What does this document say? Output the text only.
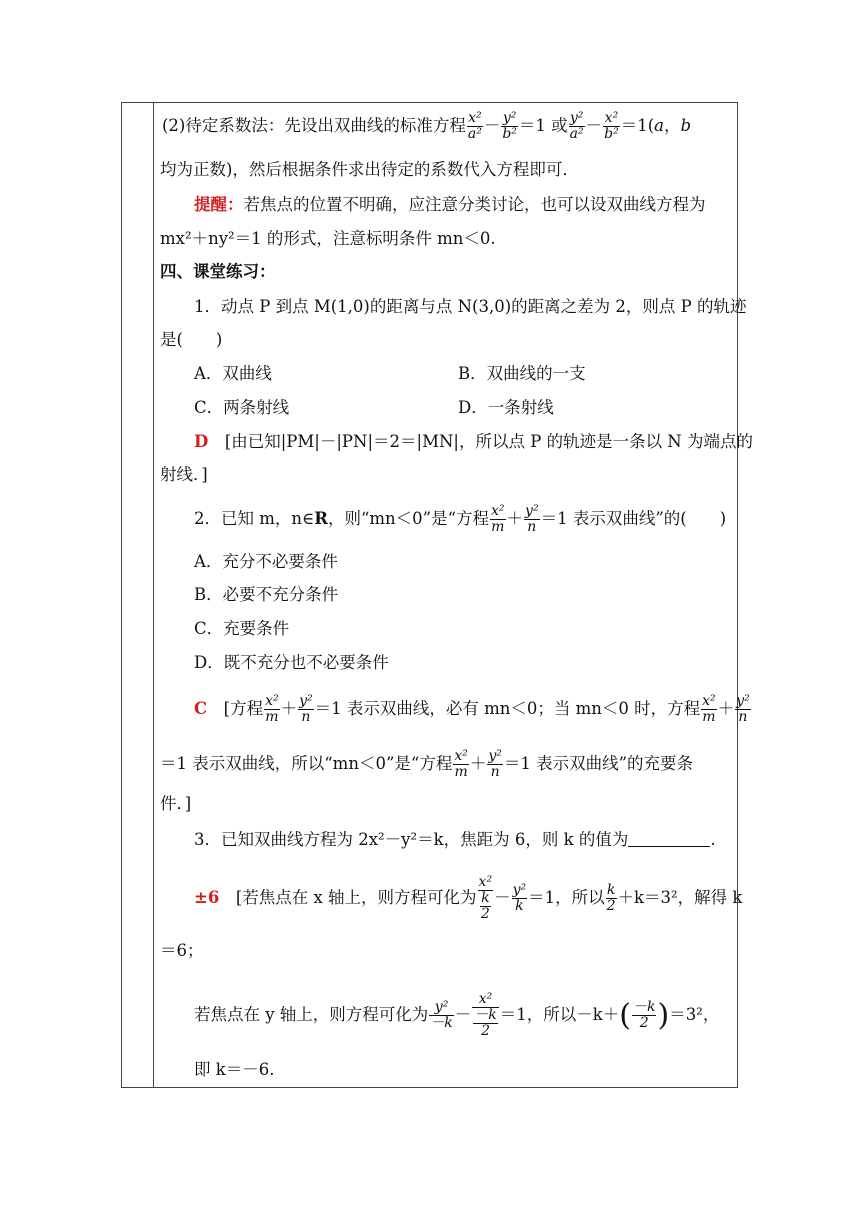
(2)待定系数法：先设出双曲线的标准方程 $\frac{\text{x²}}{\text{a²}} - \frac{\text{y²}}{\text{b²}} =1$ 或 $\frac{\text{y²}}{\text{a²}} - \frac{\text{x²}}{\text{b²}} =1(a$，b
均为正数)，然后根据条件求出待定的系数代入方程即可．
提醒：若焦点的位置不明确，应注意分类讨论，也可以设双曲线方程为
mx²＋ny²＝1 的形式，注意标明条件 mn＜0.
四、课堂练习：
1．动点 P 到点 M(1,0)的距离与点 N(3,0)的距离之差为 2，则点 P 的轨迹
是(　　)
A．双曲线	B．双曲线的一支
C．两条射线	D．一条射线
D　 [由已知|PM|－|PN|＝2＝|MN|，所以点 P 的轨迹是一条以 N 为端点的
射线．]
2．已知 m，n∈R，则“mn＜0”是“方程 $\frac{\text{x²}}{m} + \frac{\text{y²}}{n} =1$ 表示双曲线”的(　　)
A．充分不必要条件
B．必要不充分条件
C．充要条件
D．既不充分也不必要条件
C　 [方程 $\frac{\text{x²}}{m} + \frac{\text{y²}}{n} =1$ 表示双曲线，必有 mn＜0；当 mn＜0 时，方程 $\frac{\text{x²}}{m} + \frac{\text{y²}}{n}$
＝1 表示双曲线，所以“mn＜0”是“方程 $\frac{\text{x²}}{m} + \frac{\text{y²}}{n} =1$ 表示双曲线”的充要条
件．]
3．已知双曲线方程为 2x²－y²＝k，焦距为 6，则 k 的值为	.
±6　 [若焦点在 x 轴上，则方程可化为 $\frac{\text{x²}}{\frac{k}{2}} - \frac{\text{y²}}{k} =1$，所以 $\frac{k}{2} +k=3^2$，解得 k
＝6；
若焦点在 y 轴上，则方程可化为 $\frac{\text{y²}}{-k} - \frac{\text{x²}}{\frac{-k}{2}} =1$，所以$-k+( \frac{-k}{2} )=3^2$，
即 k＝－6.
